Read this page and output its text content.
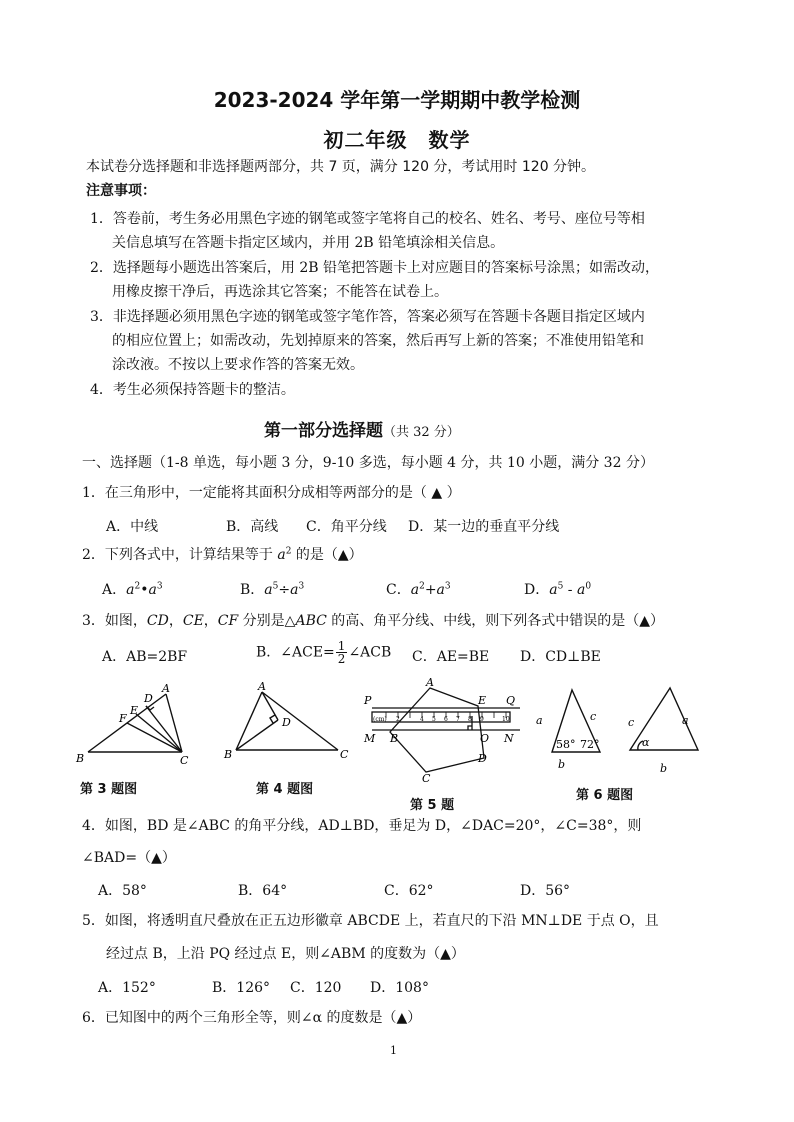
2023-2024 学年第一学期期中教学检测
初二年级　数学
本试卷分选择题和非选择题两部分，共 7 页，满分 120 分，考试用时 120 分钟。
注意事项：
1．答卷前，考生务必用黑色字迹的钢笔或签字笔将自己的校名、姓名、考号、座位号等相
关信息填写在答题卡指定区域内，并用 2B 铅笔填涂相关信息。
2．选择题每小题选出答案后，用 2B 铅笔把答题卡上对应题目的答案标号涂黑；如需改动，
用橡皮擦干净后，再选涂其它答案；不能答在试卷上。
3．非选择题必须用黑色字迹的钢笔或签字笔作答，答案必须写在答题卡各题目指定区域内
的相应位置上；如需改动，先划掉原来的答案，然后再写上新的答案；不准使用铅笔和
涂改液。不按以上要求作答的答案无效。
4．考生必须保持答题卡的整洁。
第一部分选择题（共 32 分）
一、选择题（1-8 单选，每小题 3 分，9-10 多选，每小题 4 分，共 10 小题，满分 32 分）
1．在三角形中，一定能将其面积分成相等两部分的是（ ▲ ）
A．中线	B．高线 C．角平分线 D．某一边的垂直平分线
2．下列各式中，计算结果等于 $a^2$ 的是（▲）
A．$a^2•a^3$	B．$a^5\div a^3$	C．$a^2+a^3$	D．$a^5 - a^0$
3．如图，CD，CE，CF 分别是△ABC 的高、角平分线、中线，则下列各式中错误的是（▲）
A．AB=2BF	B．∠ACE= $\frac{1}{2}$ ∠ACB C．AE=BE D．CD⊥BE
A
D
E
F
B	C
第 3 题图
A
D
B	C
第 4 题图
(cm) 2	4 5 6 7 8 9	10
P
A
E Q
M B	O N
D
C
第 5 题
a	c
58° 72°
b
c	a
α
b
第 6 题图
4．如图，BD 是∠ABC 的角平分线，AD⊥BD，垂足为 D，∠DAC=20°，∠C=38°，则
∠BAD=（▲）
A．58°	B．64°	C．62°	D．56°
5．如图，将透明直尺叠放在正五边形徽章 ABCDE 上，若直尺的下沿 MN⊥DE 于点 O，且
经过点 B，上沿 PQ 经过点 E，则∠ABM 的度数为（▲）
A．152°	B．126° C．120 D．108°
6．已知图中的两个三角形全等，则∠α 的度数是（▲）
1
